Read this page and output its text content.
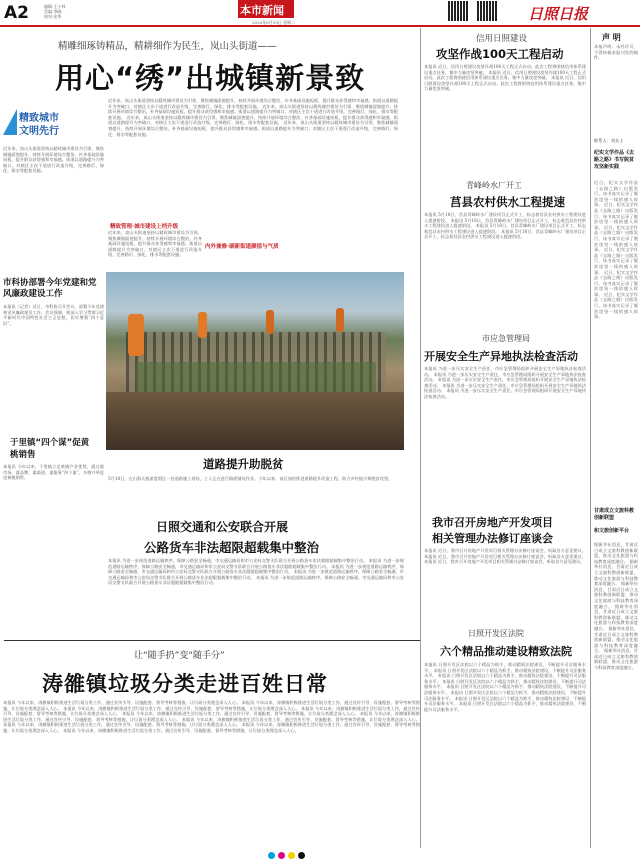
A2	编辑:王小林
美编:李晓
校对:张华	本市新闻
2020年5月19日 星期二	日照日报
精雕细琢铸精品，精耕细作为民生，岚山头街道——
用心“绣”出城镇新景致
精致城市
文明先行
近年来，岚山头街道坚持以精致城市建设为引领，聚焦城镇面貌提升，持续开展环境综合整治，补齐基础设施短板，提升群众获得感和幸福感。街道以道路提升为突破口，对辖区主次干道进行改造升级，完善路灯、绿化、排水等配套设施。
市科协部署今年党建和党风廉政建设工作
本报讯（记者）近日，市科协召开会议，部署今年党建和党风廉政建设工作。会议强调，要深入学习贯彻习近平新时代中国特色社会主义思想，切实增强“四个意识”。
于里镇“四个谋”促黄桃销售
本报讯 今年以来，于里镇立足黄桃产业优势，通过谋市场、谋品牌、谋渠道、谋服务“四个谋”，多措并举促进黄桃销售。
近年来，岚山头街道坚持以精致城市建设为引领，聚焦城镇面貌提升，持续开展环境综合整治，补齐基础设施短板，提升群众获得感和幸福感。街道以道路提升为突破口，对辖区主次干道进行改造升级，完善路灯、绿化、排水等配套设施。 近年来，岚山头街道坚持以精致城市建设为引领，聚焦城镇面貌提升，持续开展环境综合整治，补齐基础设施短板，提升群众获得感和幸福感。街道以道路提升为突破口，对辖区主次干道进行改造升级，完善路灯、绿化、排水等配套设施。 近年来，岚山头街道坚持以精致城市建设为引领，聚焦城镇面貌提升，持续开展环境综合整治，补齐基础设施短板，提升群众获得感和幸福感。街道以道路提升为突破口，对辖区主次干道进行改造升级，完善路灯、绿化、排水等配套设施。 近年来，岚山头街道坚持以精致城市建设为引领，聚焦城镇面貌提升，持续开展环境综合整治，补齐基础设施短板，提升群众获得感和幸福感。街道以道路提升为突破口，对辖区主次干道进行改造升级，完善路灯、绿化、排水等配套设施。
精致管理·城市建设上档升级
内外兼修·刷新街道颜值与气质
近年来，岚山头街道坚持以精致城市建设为引领，聚焦城镇面貌提升，持续开展环境综合整治，补齐基础设施短板，提升群众获得感和幸福感。街道以道路提升为突破口，对辖区主次干道进行改造升级，完善路灯、绿化、排水等配套设施。
道路提升助脱贫
5月18日，在山海天旅游度假区一处道路施工现场，工人正在进行路面铺设作业。今年以来，该区加快推进道路提升改造工程，助力乡村振兴和脱贫攻坚。
日照交通和公安联合开展
公路货车非法超限超载集中整治
本报讯 为进一步规范道路运输秩序，保障公路安全畅通，市交通运输局和市公安局交警支队联合开展公路货车非法超限超载集中整治行动。 本报讯 为进一步规范道路运输秩序，保障公路安全畅通，市交通运输局和市公安局交警支队联合开展公路货车非法超限超载集中整治行动。 本报讯 为进一步规范道路运输秩序，保障公路安全畅通，市交通运输局和市公安局交警支队联合开展公路货车非法超限超载集中整治行动。 本报讯 为进一步规范道路运输秩序，保障公路安全畅通，市交通运输局和市公安局交警支队联合开展公路货车非法超限超载集中整治行动。 本报讯 为进一步规范道路运输秩序，保障公路安全畅通，市交通运输局和市公安局交警支队联合开展公路货车非法超限超载集中整治行动。
让“随手扔”变“随手分”
涛雒镇垃圾分类走进百姓日常
本报讯 今年以来，涛雒镇积极推进生活垃圾分类工作，通过宣传引导、设施配套、督导考核等措施，让垃圾分类理念深入人心。 本报讯 今年以来，涛雒镇积极推进生活垃圾分类工作，通过宣传引导、设施配套、督导考核等措施，让垃圾分类理念深入人心。 本报讯 今年以来，涛雒镇积极推进生活垃圾分类工作，通过宣传引导、设施配套、督导考核等措施，让垃圾分类理念深入人心。 本报讯 今年以来，涛雒镇积极推进生活垃圾分类工作，通过宣传引导、设施配套、督导考核等措施，让垃圾分类理念深入人心。 本报讯 今年以来，涛雒镇积极推进生活垃圾分类工作，通过宣传引导、设施配套、督导考核等措施，让垃圾分类理念深入人心。 本报讯 今年以来，涛雒镇积极推进生活垃圾分类工作，通过宣传引导、设施配套、督导考核等措施，让垃圾分类理念深入人心。 本报讯 今年以来，涛雒镇积极推进生活垃圾分类工作，通过宣传引导、设施配套、督导考核等措施，让垃圾分类理念深入人心。 本报讯 今年以来，涛雒镇积极推进生活垃圾分类工作，通过宣传引导、设施配套、督导考核等措施，让垃圾分类理念深入人心。 本报讯 今年以来，涛雒镇积极推进生活垃圾分类工作，通过宣传引导、设施配套、督导考核等措施，让垃圾分类理念深入人心。 本报讯 今年以来，涛雒镇积极推进生活垃圾分类工作，通过宣传引导、设施配套、督导考核等措施，让垃圾分类理念深入人心。
信用日照建设
攻坚作战100天工程启动
本报讯 近日，信用日照建设攻坚作战100天工程正式启动。此次工程将围绕信用体系建设重点任务，集中力量攻坚突破。 本报讯 近日，信用日照建设攻坚作战100天工程正式启动。此次工程将围绕信用体系建设重点任务，集中力量攻坚突破。 本报讯 近日，信用日照建设攻坚作战100天工程正式启动。此次工程将围绕信用体系建设重点任务，集中力量攻坚突破。
青峰岭水厂开工
莒县农村供水工程提速
本报讯 5月18日，莒县青峰岭水厂建设项目正式开工，标志着莒县农村供水工程建设进入提速阶段。 本报讯 5月18日，莒县青峰岭水厂建设项目正式开工，标志着莒县农村供水工程建设进入提速阶段。 本报讯 5月18日，莒县青峰岭水厂建设项目正式开工，标志着莒县农村供水工程建设进入提速阶段。 本报讯 5月18日，莒县青峰岭水厂建设项目正式开工，标志着莒县农村供水工程建设进入提速阶段。
市应急管理局
开展安全生产异地执法检查活动
本报讯 为进一步压实安全生产责任，市应急管理局组织开展安全生产异地执法检查活动。 本报讯 为进一步压实安全生产责任，市应急管理局组织开展安全生产异地执法检查活动。 本报讯 为进一步压实安全生产责任，市应急管理局组织开展安全生产异地执法检查活动。 本报讯 为进一步压实安全生产责任，市应急管理局组织开展安全生产异地执法检查活动。 本报讯 为进一步压实安全生产责任，市应急管理局组织开展安全生产异地执法检查活动。
我市召开房地产开发项目
相关管理办法修订座谈会
本报讯 近日，我市召开房地产开发项目相关管理办法修订座谈会，听取各方意见建议。 本报讯 近日，我市召开房地产开发项目相关管理办法修订座谈会，听取各方意见建议。 本报讯 近日，我市召开房地产开发项目相关管理办法修订座谈会，听取各方意见建议。
日照开发区法院
六个精品推动建设精致法院
本报讯 日照开发区法院以六个精品为抓手，推动精致法院建设，不断提升司法服务水平。 本报讯 日照开发区法院以六个精品为抓手，推动精致法院建设，不断提升司法服务水平。 本报讯 日照开发区法院以六个精品为抓手，推动精致法院建设，不断提升司法服务水平。 本报讯 日照开发区法院以六个精品为抓手，推动精致法院建设，不断提升司法服务水平。 本报讯 日照开发区法院以六个精品为抓手，推动精致法院建设，不断提升司法服务水平。 本报讯 日照开发区法院以六个精品为抓手，推动精致法院建设，不断提升司法服务水平。 本报讯 日照开发区法院以六个精品为抓手，推动精致法院建设，不断提升司法服务水平。 本报讯 日照开发区法院以六个精品为抓手，推动精致法院建设，不断提升司法服务水平。
声 明
本报声明：未经许可，不得转载本报刊发的稿件。
联系人：刘女士
纪实文学作品《去路之路》书写脱贫攻坚新实践
近日，纪实文学作品《去路之路》出版发行，该书真实记录了脱贫攻坚一线的感人故事。 近日，纪实文学作品《去路之路》出版发行，该书真实记录了脱贫攻坚一线的感人故事。 近日，纪实文学作品《去路之路》出版发行，该书真实记录了脱贫攻坚一线的感人故事。 近日，纪实文学作品《去路之路》出版发行，该书真实记录了脱贫攻坚一线的感人故事。 近日，纪实文学作品《去路之路》出版发行，该书真实记录了脱贫攻坚一线的感人故事。 近日，纪实文学作品《去路之路》出版发行，该书真实记录了脱贫攻坚一线的感人故事。
甘肃成立文旅科教创新联盟
和文旅创新平台
据新华社消息，甘肃近日成立文旅科教创新联盟，推动文化旅游与科技教育深度融合。 据新华社消息，甘肃近日成立文旅科教创新联盟，推动文化旅游与科技教育深度融合。 据新华社消息，甘肃近日成立文旅科教创新联盟，推动文化旅游与科技教育深度融合。 据新华社消息，甘肃近日成立文旅科教创新联盟，推动文化旅游与科技教育深度融合。 据新华社消息，甘肃近日成立文旅科教创新联盟，推动文化旅游与科技教育深度融合。 据新华社消息，甘肃近日成立文旅科教创新联盟，推动文化旅游与科技教育深度融合。
